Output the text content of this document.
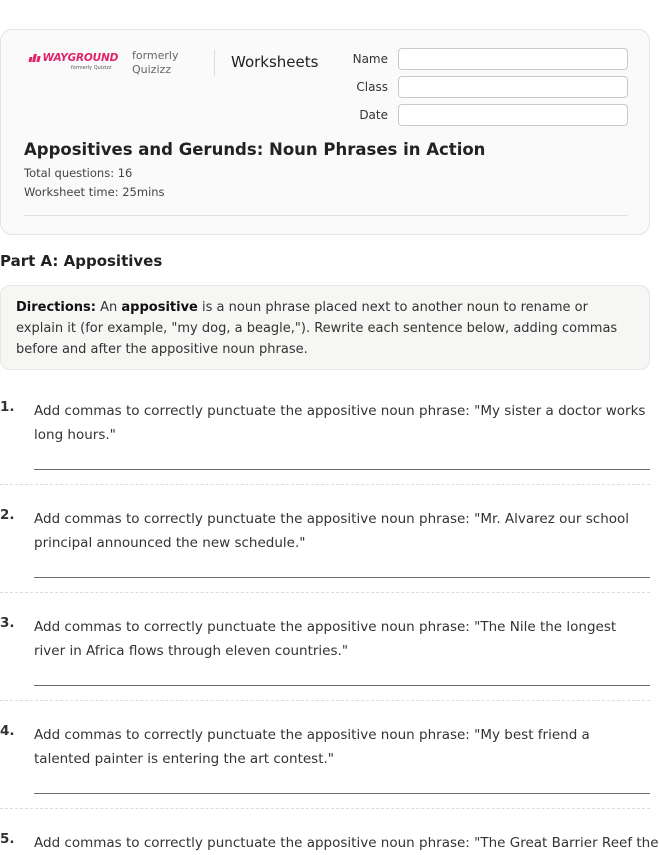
WAYGROUND
formerly Quizizz
formerly Quizizz	Worksheets	Name
Class
Date
Appositives and Gerunds: Noun Phrases in Action
Total questions: 16
Worksheet time: 25mins
Part A: Appositives
Directions: An appositive is a noun phrase placed next to another noun to rename or explain it (for example, "my dog, a beagle,"). Rewrite each sentence below, adding commas before and after the appositive noun phrase.
1. Add commas to correctly punctuate the appositive noun phrase: "My sister a doctor works long hours."
2. Add commas to correctly punctuate the appositive noun phrase: "Mr. Alvarez our school principal announced the new schedule."
3. Add commas to correctly punctuate the appositive noun phrase: "The Nile the longest river in Africa flows through eleven countries."
4. Add commas to correctly punctuate the appositive noun phrase: "My best friend a talented painter is entering the art contest."
5. Add commas to correctly punctuate the appositive noun phrase: "The Great Barrier Reef the
